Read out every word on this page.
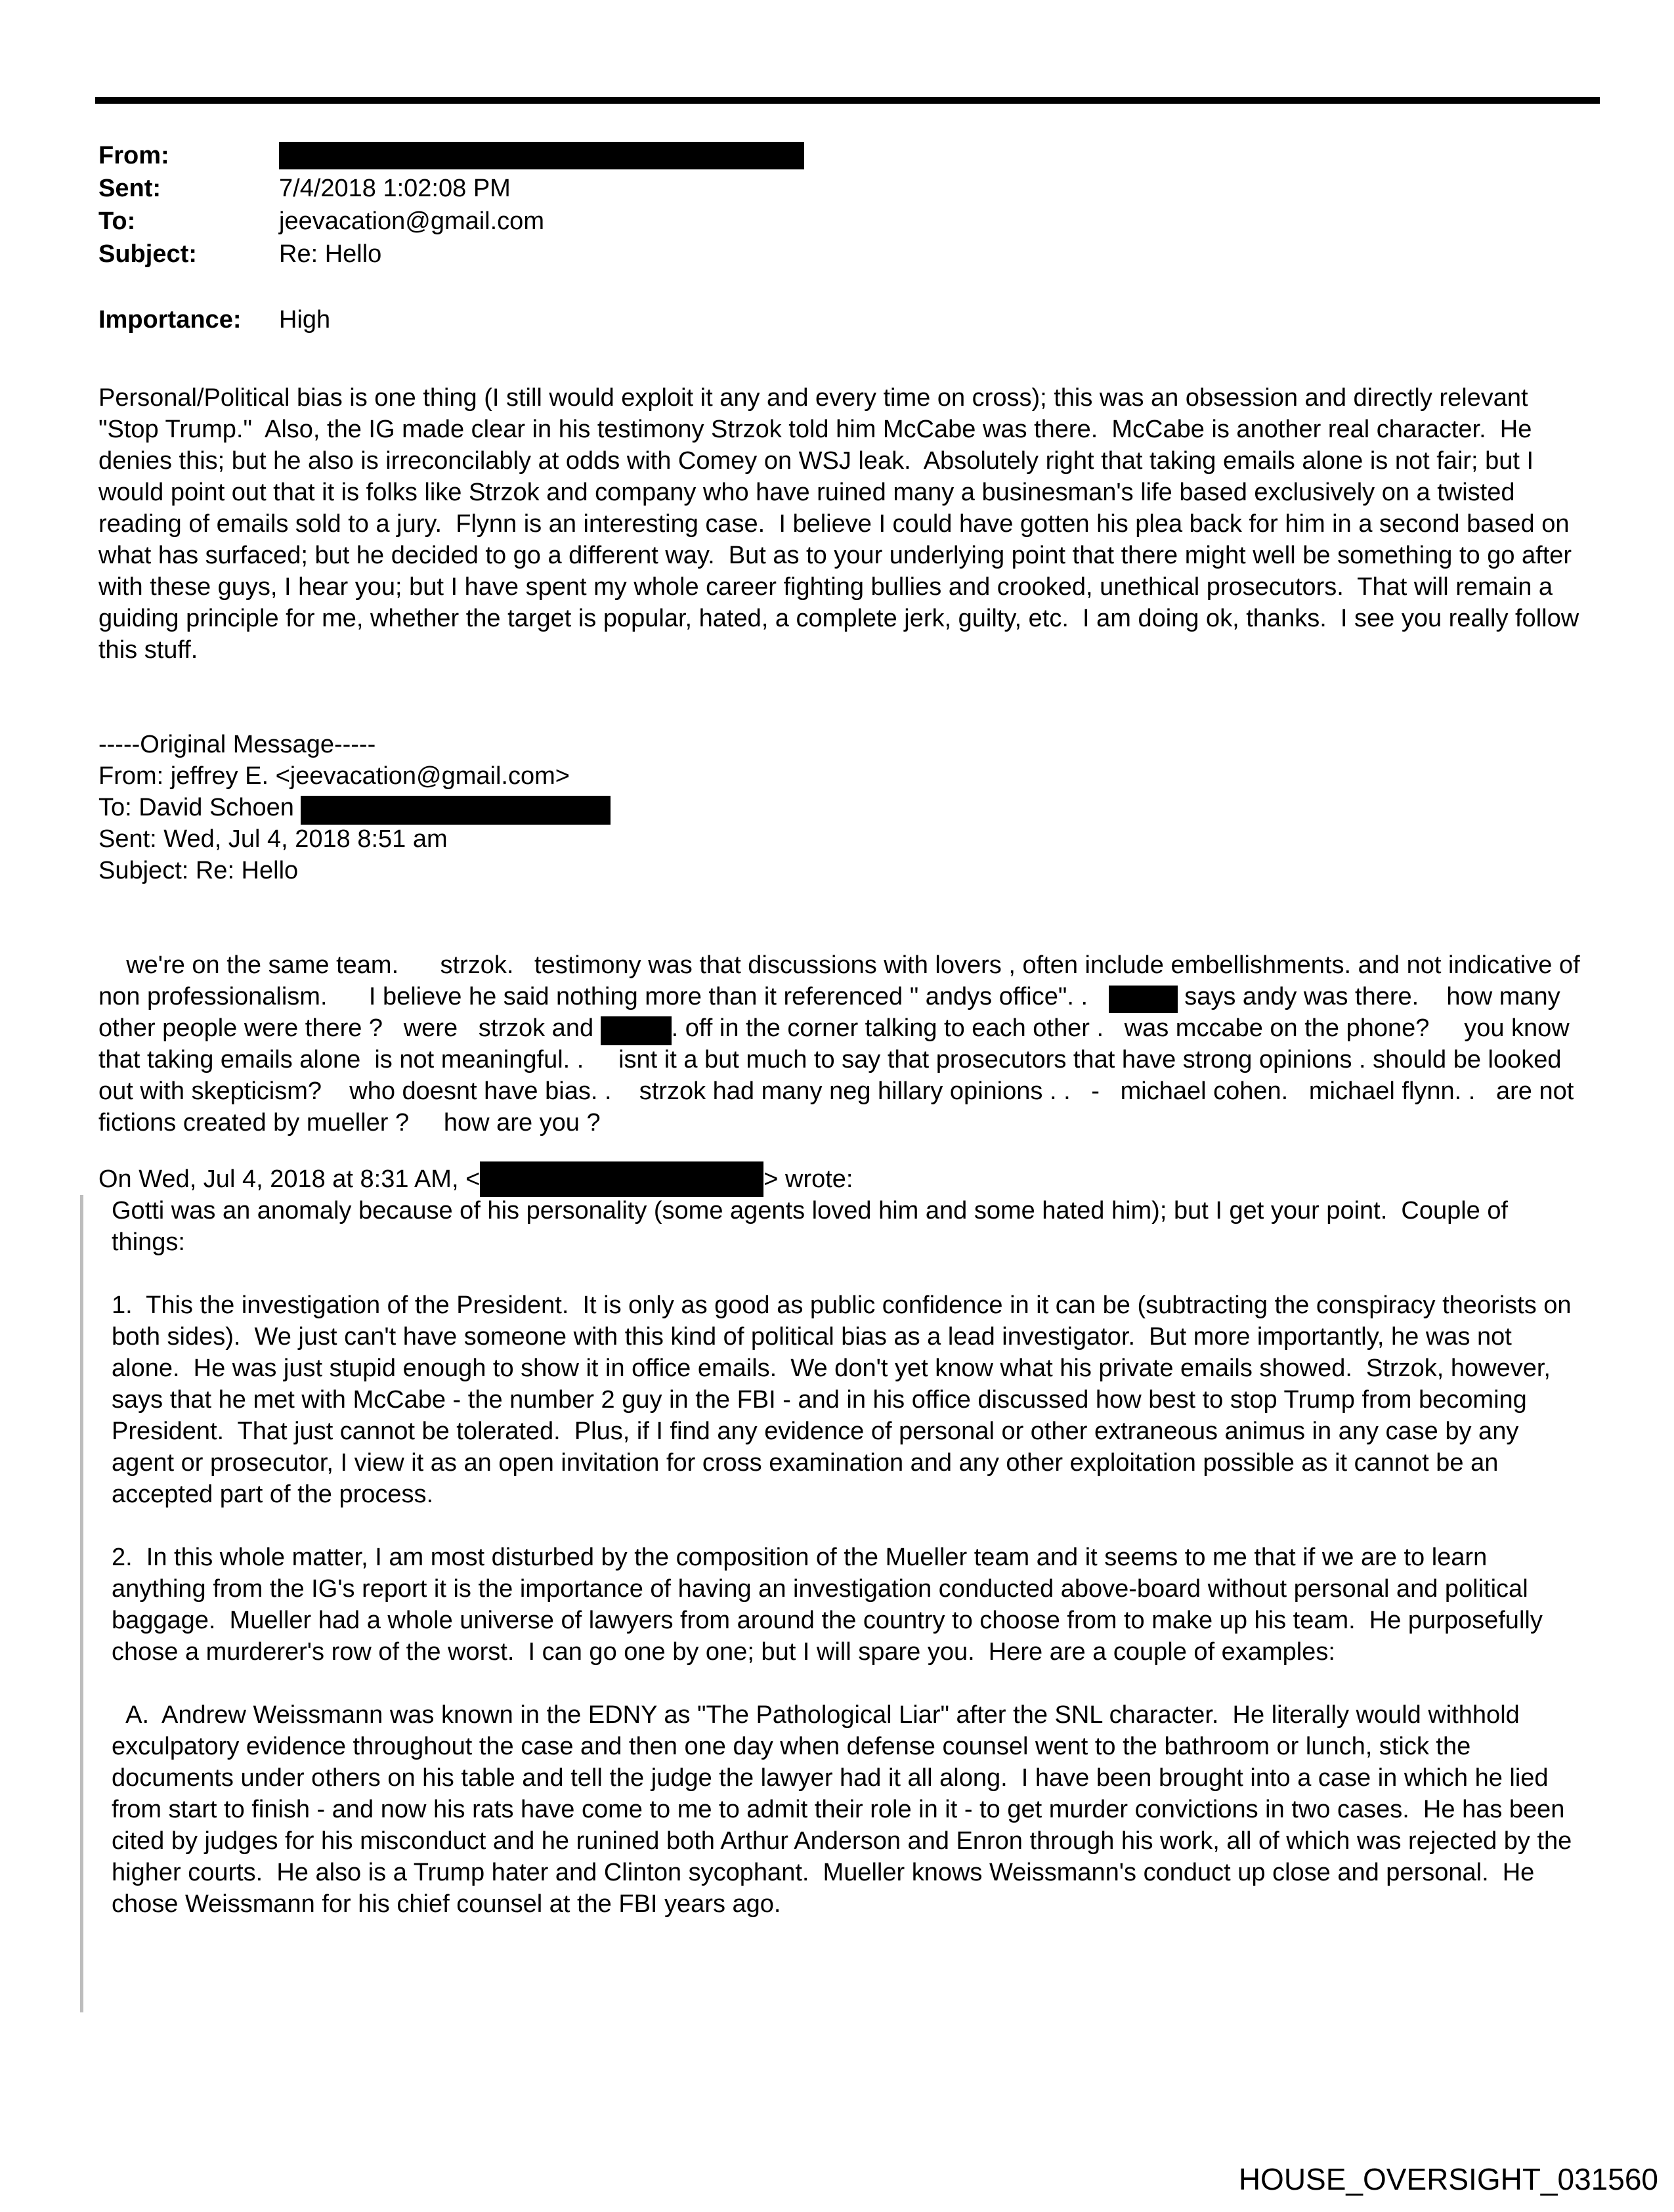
From:
Sent:	7/4/2018 1:02:08 PM
To:	jeevacation@gmail.com
Subject:	Re: Hello
Importance:	High
Personal/Political bias is one thing (I still would exploit it any and every time on cross); this was an obsession and directly relevant "Stop Trump."  Also, the IG made clear in his testimony Strzok told him McCabe was there.  McCabe is another real character.  He denies this; but he also is irreconcilably at odds with Comey on WSJ leak.  Absolutely right that taking emails alone is not fair; but I would point out that it is folks like Strzok and company who have ruined many a businesman's life based exclusively on a twisted reading of emails sold to a jury.  Flynn is an interesting case.  I believe I could have gotten his plea back for him in a second based on what has surfaced; but he decided to go a different way.  But as to your underlying point that there might well be something to go after with these guys, I hear you; but I have spent my whole career fighting bullies and crooked, unethical prosecutors.  That will remain a guiding principle for me, whether the target is popular, hated, a complete jerk, guilty, etc.  I am doing ok, thanks.  I see you really follow this stuff.
-----Original Message-----
From: jeffrey E. <jeevacation@gmail.com>
To: David Schoen
Sent: Wed, Jul 4, 2018 8:51 am
Subject: Re: Hello

we're on the same team.      strzok.   testimony was that discussions with lovers , often include embellishments. and not indicative of non professionalism.      I believe he said nothing more than it referenced " andys office". .	says andy was there.    how many other people were there ?   were   strzok and	. off in the corner talking to each other .   was mccabe on the phone?     you know that taking emails alone  is not meaningful. .     isnt it a but much to say that prosecutors that have strong opinions . should be looked out with skepticism?    who doesnt have bias. .    strzok had many neg hillary opinions . .   -   michael cohen.   michael flynn. .   are not fictions created by mueller ?     how are you ?

On Wed, Jul 4, 2018 at 8:31 AM, <	> wrote:
Gotti was an anomaly because of his personality (some agents loved him and some hated him); but I get your point.  Couple of things:
1.  This the investigation of the President.  It is only as good as public confidence in it can be (subtracting the conspiracy theorists on both sides).  We just can't have someone with this kind of political bias as a lead investigator.  But more importantly, he was not alone.  He was just stupid enough to show it in office emails.  We don't yet know what his private emails showed.  Strzok, however, says that he met with McCabe - the number 2 guy in the FBI - and in his office discussed how best to stop Trump from becoming President.  That just cannot be tolerated.  Plus, if I find any evidence of personal or other extraneous animus in any case by any agent or prosecutor, I view it as an open invitation for cross examination and any other exploitation possible as it cannot be an accepted part of the process.
2.  In this whole matter, I am most disturbed by the composition of the Mueller team and it seems to me that if we are to learn anything from the IG's report it is the importance of having an investigation conducted above-board without personal and political baggage.  Mueller had a whole universe of lawyers from around the country to choose from to make up his team.  He purposefully chose a murderer's row of the worst.  I can go one by one; but I will spare you.  Here are a couple of examples:
A.  Andrew Weissmann was known in the EDNY as "The Pathological Liar" after the SNL character.  He literally would withhold exculpatory evidence throughout the case and then one day when defense counsel went to the bathroom or lunch, stick the documents under others on his table and tell the judge the lawyer had it all along.  I have been brought into a case in which he lied from start to finish - and now his rats have come to me to admit their role in it - to get murder convictions in two cases.  He has been cited by judges for his misconduct and he runined both Arthur Anderson and Enron through his work, all of which was rejected by the higher courts.  He also is a Trump hater and Clinton sycophant.  Mueller knows Weissmann's conduct up close and personal.  He chose Weissmann for his chief counsel at the FBI years ago.
HOUSE_OVERSIGHT_031560
